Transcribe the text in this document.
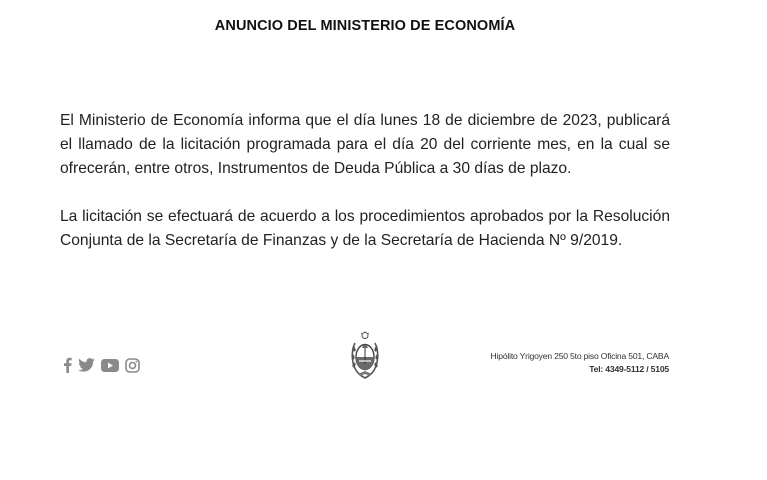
ANUNCIO DEL MINISTERIO DE ECONOMÍA

El Ministerio de Economía informa que el día lunes 18 de diciembre de 2023, publicará el llamado de la licitación programada para el día 20 del corriente mes, en la cual se ofrecerán, entre otros, Instrumentos de Deuda Pública a 30 días de plazo.

La licitación se efectuará de acuerdo a los procedimientos aprobados por la Resolución Conjunta de la Secretaría de Finanzas y de la Secretaría de Hacienda Nº 9/2019.

Hipólito Yrigoyen 250 5to piso Oficina 501, CABA
Tel: 4349-5112 / 5105
